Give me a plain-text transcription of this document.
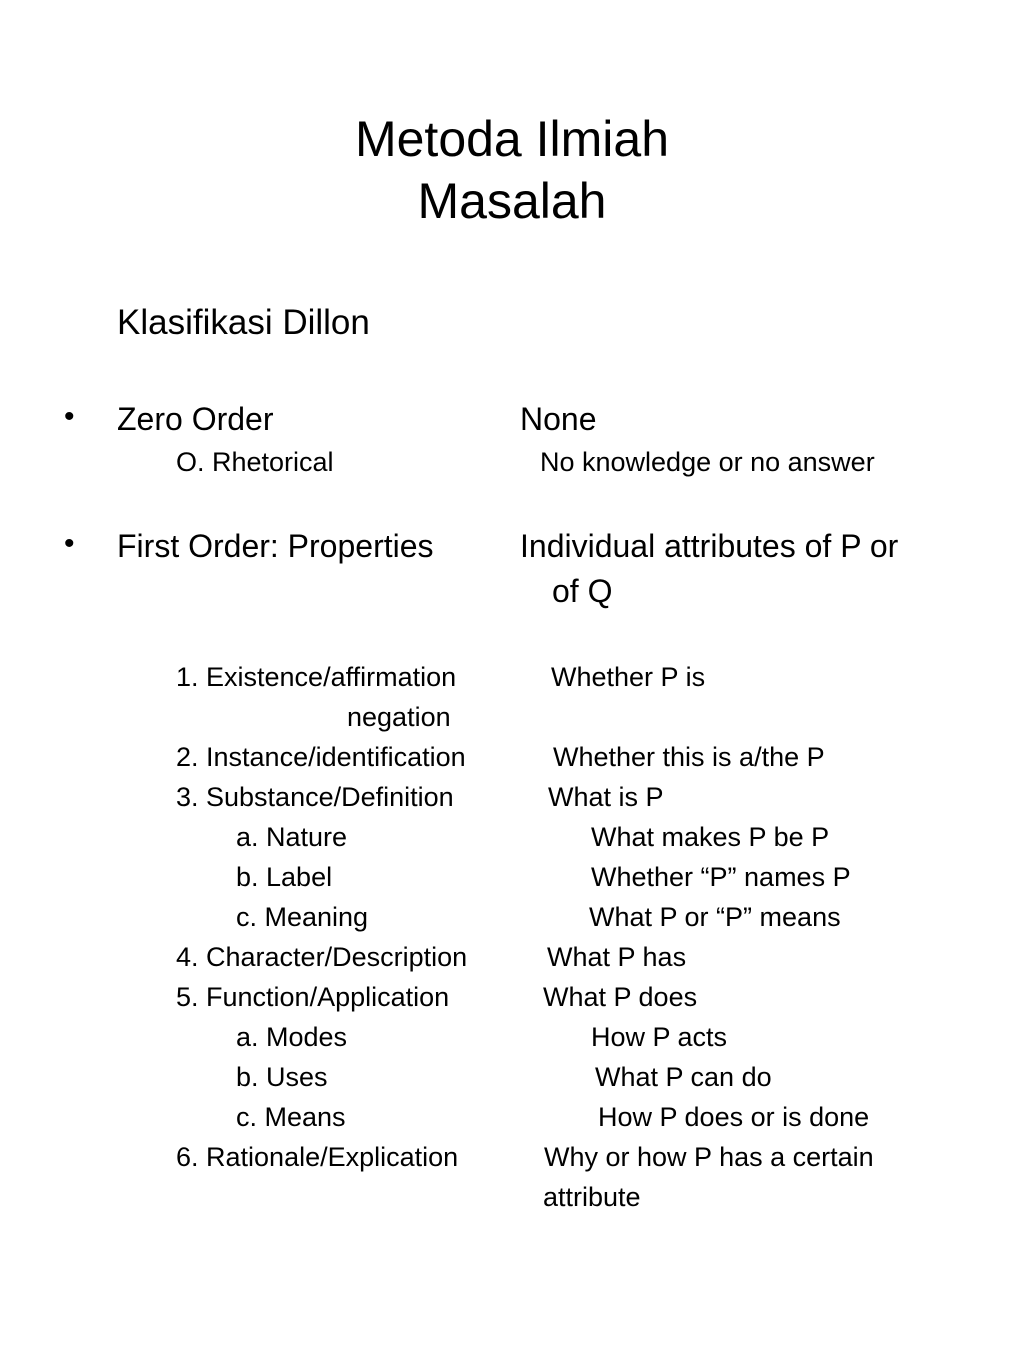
Metoda Ilmiah
Masalah
Klasifikasi Dillon
• Zero Order	None
O. Rhetorical	No knowledge or no answer
• First Order: Properties	Individual attributes of P or
of Q
1. Existence/affirmation	Whether P is
negation
2. Instance/identification	Whether this is a/the P
3. Substance/Definition	What is P
a. Nature	What makes P be P
b. Label	Whether “P” names P
c. Meaning	What P or “P” means
4. Character/Description	What P has
5. Function/Application	What P does
a. Modes	How P acts
b. Uses	What P can do
c. Means	How P does or is done
6. Rationale/Explication	Why or how P has a certain
attribute
